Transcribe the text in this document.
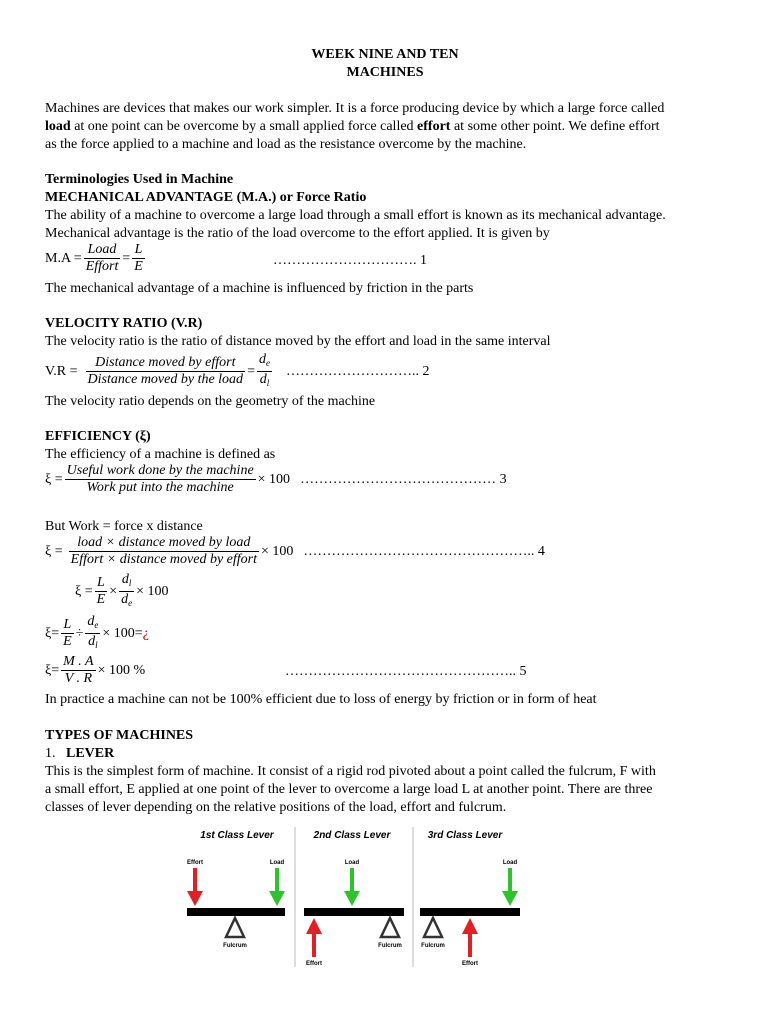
WEEK NINE AND TEN
MACHINES
Machines are devices that makes our work simpler. It is a force producing device by which a large force called
load at one point can be overcome by a small applied force called effort at some other point. We define effort
as the force applied to a machine and load as the resistance overcome by the machine.
Terminologies Used in Machine
MECHANICAL ADVANTAGE (M.A.) or Force Ratio
The ability of a machine to overcome a large load through a small effort is known as its mechanical advantage.
Mechanical advantage is the ratio of the load overcome to the effort applied. It is given by
$M.A = \frac{\text{Load}}{\text{Effort}} = \frac{L}{E}$	…………………………. 1
The mechanical advantage of a machine is influenced by friction in the parts
VELOCITY RATIO (V.R)
The velocity ratio is the ratio of distance moved by the effort and load in the same interval
$V.R = \frac{\text{Distance moved by effort}}{\text{Distance moved by the load}} = \frac{de}{dl}$ ……………………….. 2
The velocity ratio depends on the geometry of the machine
EFFICIENCY (ξ)
The efficiency of a machine is defined as
$\xi = \frac{\text{Useful work done by the machine}}{\text{Work put into the machine}} \times 100$ …………………………………… 3
But Work = force x distance
$\xi = \frac{\text{load × distance moved by load}}{\text{Effort × distance moved by effort}} \times 100$ ………………………………………….. 4
$\xi = \frac{L}{E} \times \frac{dl}{de} \times 100$
$\xi= \frac{L}{E} \div \frac{de}{dl} \times 100=$ ¿
$\xi= \frac{M . A}{V . R} \times 100$ %	………………………………………….. 5
In practice a machine can not be 100% efficient due to loss of energy by friction or in form of heat
TYPES OF MACHINES
1. LEVER
This is the simplest form of machine. It consist of a rigid rod pivoted about a point called the fulcrum, F with
a small effort, E applied at one point of the lever to overcome a large load L at another point. There are three
classes of lever depending on the relative positions of the load, effort and fulcrum.
1st Class Lever	2nd Class Lever	3rd Class Lever
Effort	Load
Fulcrum
Load
Effort
Fulcrum
Load
Fulcrum
Effort
